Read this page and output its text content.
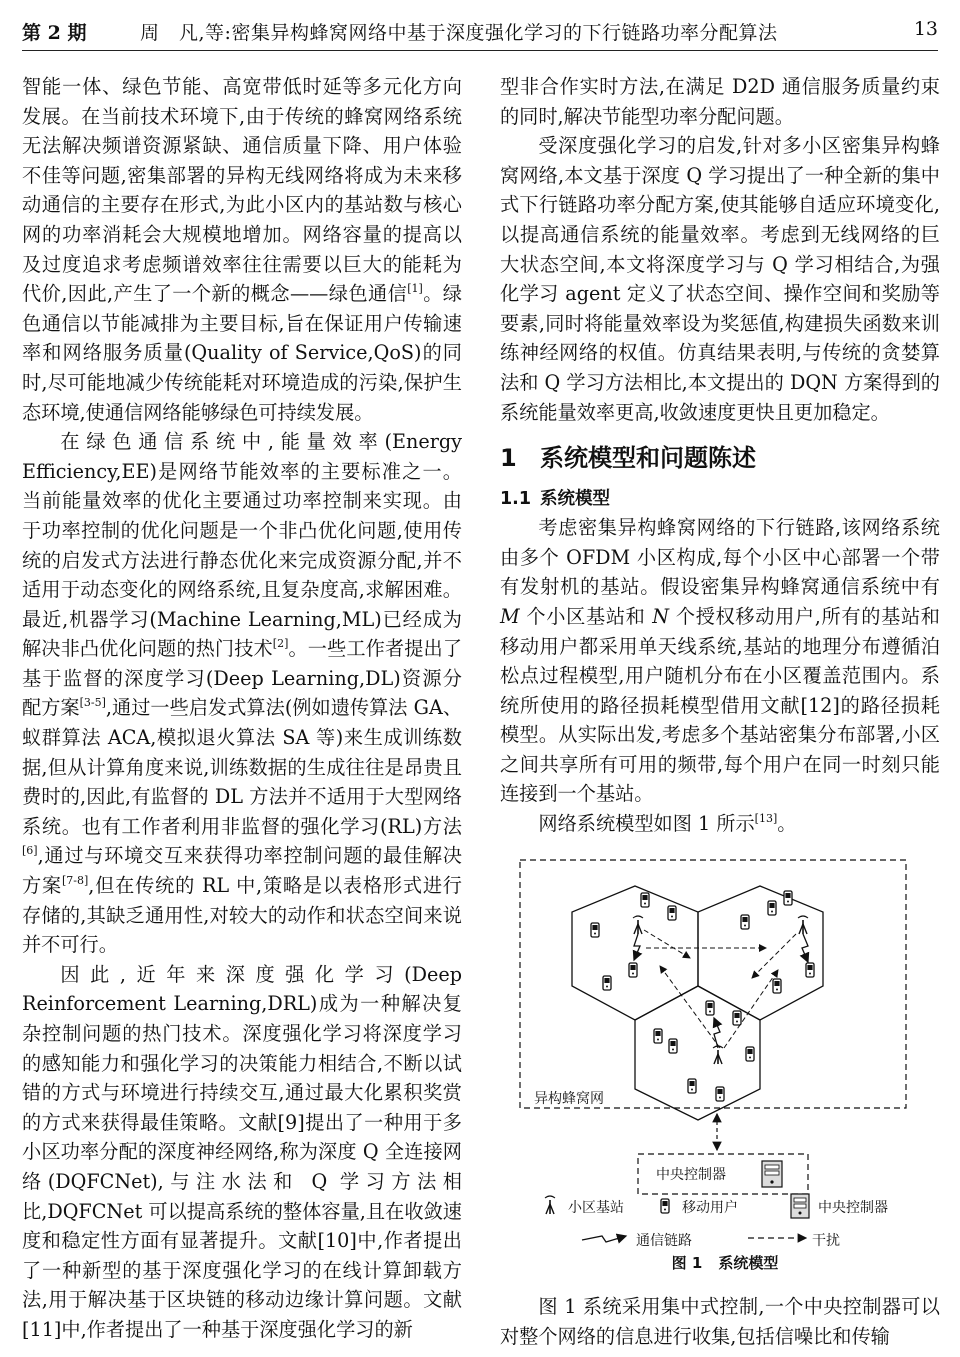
第 2 期	周　凡,等:密集异构蜂窝网络中基于深度强化学习的下行链路功率分配算法	13

智能一体、绿色节能、高宽带低时延等多元化方向发展。在当前技术环境下,由于传统的蜂窝网络系统无法解决频谱资源紧缺、通信质量下降、用户体验不佳等问题,密集部署的异构无线网络将成为未来移动通信的主要存在形式,为此小区内的基站数与核心网的功率消耗会大规模地增加。网络容量的提高以及过度追求考虑频谱效率往往需要以巨大的能耗为代价,因此,产生了一个新的概念——绿色通信[1]。绿色通信以节能减排为主要目标,旨在保证用户传输速率和网络服务质量(Quality of Service,QoS)的同时,尽可能地减少传统能耗对环境造成的污染,保护生态环境,使通信网络能够绿色可持续发展。

在绿色通信系统中,能量效率(Energy Efficiency,EE)是网络节能效率的主要标准之一。当前能量效率的优化主要通过功率控制来实现。由于功率控制的优化问题是一个非凸优化问题,使用传统的启发式方法进行静态优化来完成资源分配,并不适用于动态变化的网络系统,且复杂度高,求解困难。最近,机器学习(Machine Learning,ML)已经成为解决非凸优化问题的热门技术[2]。一些工作者提出了基于监督的深度学习(Deep Learning,DL)资源分配方案[3-5],通过一些启发式算法(例如遗传算法 GA、蚁群算法 ACA,模拟退火算法 SA 等)来生成训练数据,但从计算角度来说,训练数据的生成往往是昂贵且费时的,因此,有监督的 DL 方法并不适用于大型网络系统。也有工作者利用非监督的强化学习(RL)方法[6],通过与环境交互来获得功率控制问题的最佳解决方案[7-8],但在传统的 RL 中,策略是以表格形式进行存储的,其缺乏通用性,对较大的动作和状态空间来说并不可行。

因此,近年来深度强化学习(Deep Reinforcement Learning,DRL)成为一种解决复杂控制问题的热门技术。深度强化学习将深度学习的感知能力和强化学习的决策能力相结合,不断以试错的方式与环境进行持续交互,通过最大化累积奖赏的方式来获得最佳策略。文献[9]提出了一种用于多小区功率分配的深度神经网络,称为深度 Q 全连接网络(DQFCNet),与注水法和 Q 学习方法相比,DQFCNet 可以提高系统的整体容量,且在收敛速度和稳定性方面有显著提升。文献[10]中,作者提出了一种新型的基于深度强化学习的在线计算卸载方法,用于解决基于区块链的移动边缘计算问题。文献[11]中,作者提出了一种基于深度强化学习的新

型非合作实时方法,在满足 D2D 通信服务质量约束的同时,解决节能型功率分配问题。

受深度强化学习的启发,针对多小区密集异构蜂窝网络,本文基于深度 Q 学习提出了一种全新的集中式下行链路功率分配方案,使其能够自适应环境变化,以提高通信系统的能量效率。考虑到无线网络的巨大状态空间,本文将深度学习与 Q 学习相结合,为强化学习 agent 定义了状态空间、操作空间和奖励等要素,同时将能量效率设为奖惩值,构建损失函数来训练神经网络的权值。仿真结果表明,与传统的贪婪算法和 Q 学习方法相比,本文提出的 DQN 方案得到的系统能量效率更高,收敛速度更快且更加稳定。

1 系统模型和问题陈述
1.1 系统模型

考虑密集异构蜂窝网络的下行链路,该网络系统由多个 OFDM 小区构成,每个小区中心部署一个带有发射机的基站。假设密集异构蜂窝通信系统中有 M 个小区基站和 N 个授权移动用户,所有的基站和移动用户都采用单天线系统,基站的地理分布遵循泊松点过程模型,用户随机分布在小区覆盖范围内。系统所使用的路径损耗模型借用文献[12]的路径损耗模型。从实际出发,考虑多个基站密集分布部署,小区之间共享所有可用的频带,每个用户在同一时刻只能连接到一个基站。

网络系统模型如图 1 所示[13]。

异构蜂窝网
中央控制器
小区基站	移动用户	中央控制器
通信链路	干扰
图 1 系统模型

图 1 系统采用集中式控制,一个中央控制器可以对整个网络的信息进行收集,包括信噪比和传输
